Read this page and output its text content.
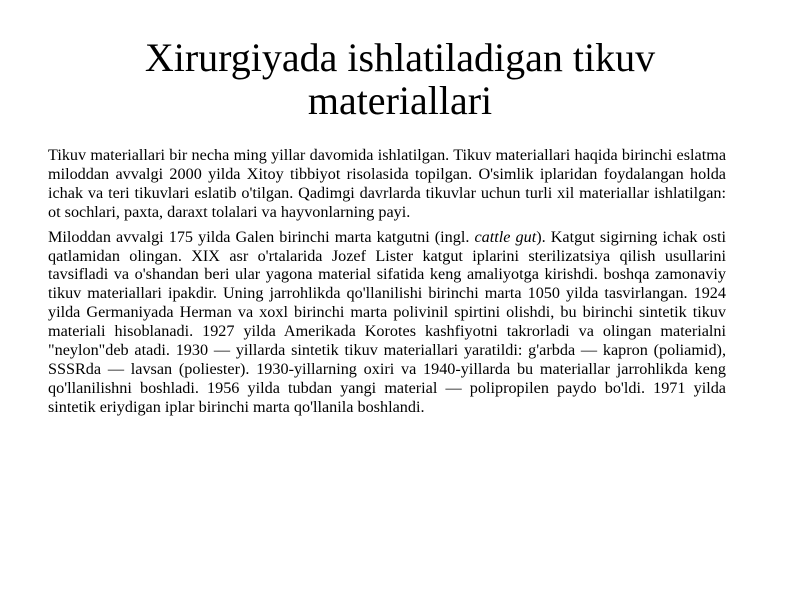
Xirurgiyada ishlatiladigan tikuv materiallari

Tikuv materiallari bir necha ming yillar davomida ishlatilgan. Tikuv materiallari haqida birinchi eslatma miloddan avvalgi 2000 yilda Xitoy tibbiyot risolasida topilgan. O'simlik iplaridan foydalangan holda ichak va teri tikuvlari eslatib o'tilgan. Qadimgi davrlarda tikuvlar uchun turli xil materiallar ishlatilgan: ot sochlari, paxta, daraxt tolalari va hayvonlarning payi.

Miloddan avvalgi 175 yilda Galen birinchi marta katgutni (ingl. cattle gut). Katgut sigirning ichak osti qatlamidan olingan. XIX asr o'rtalarida Jozef Lister katgut iplarini sterilizatsiya qilish usullarini tavsifladi va o'shandan beri ular yagona material sifatida keng amaliyotga kirishdi. boshqa zamonaviy tikuv materiallari ipakdir. Uning jarrohlikda qo'llanilishi birinchi marta 1050 yilda tasvirlangan. 1924 yilda Germaniyada Herman va xoxl birinchi marta polivinil spirtini olishdi, bu birinchi sintetik tikuv materiali hisoblanadi. 1927 yilda Amerikada Korotes kashfiyotni takrorladi va olingan materialni "neylon"deb atadi. 1930 — yillarda sintetik tikuv materiallari yaratildi: g'arbda — kapron (poliamid), SSSRda — lavsan (poliester). 1930-yillarning oxiri va 1940-yillarda bu materiallar jarrohlikda keng qo'llanilishni boshladi. 1956 yilda tubdan yangi material — polipropilen paydo bo'ldi. 1971 yilda sintetik eriydigan iplar birinchi marta qo'llanila boshlandi.
